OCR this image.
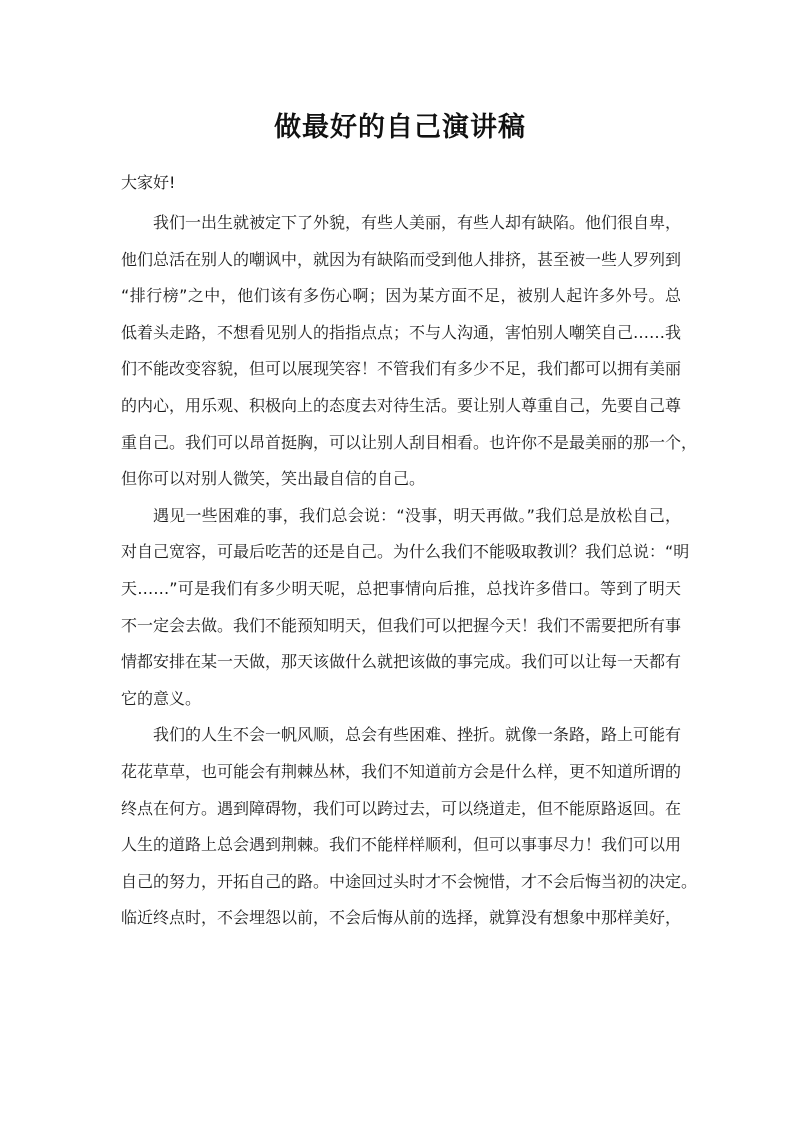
做最好的自己演讲稿
大家好!

我们一出生就被定下了外貌，有些人美丽，有些人却有缺陷。他们很自卑，
他们总活在别人的嘲讽中，就因为有缺陷而受到他人排挤，甚至被一些人罗列到
“排行榜”之中，他们该有多伤心啊；因为某方面不足，被别人起许多外号。总
低着头走路，不想看见别人的指指点点；不与人沟通，害怕别人嘲笑自己……我
们不能改变容貌，但可以展现笑容！不管我们有多少不足，我们都可以拥有美丽
的内心，用乐观、积极向上的态度去对待生活。要让别人尊重自己，先要自己尊
重自己。我们可以昂首挺胸，可以让别人刮目相看。也许你不是最美丽的那一个，
但你可以对别人微笑，笑出最自信的自己。

遇见一些困难的事，我们总会说：“没事，明天再做。”我们总是放松自己，
对自己宽容，可最后吃苦的还是自己。为什么我们不能吸取教训？我们总说：“明
天……”可是我们有多少明天呢，总把事情向后推，总找许多借口。等到了明天
不一定会去做。我们不能预知明天，但我们可以把握今天！我们不需要把所有事
情都安排在某一天做，那天该做什么就把该做的事完成。我们可以让每一天都有
它的意义。

我们的人生不会一帆风顺，总会有些困难、挫折。就像一条路，路上可能有
花花草草，也可能会有荆棘丛林，我们不知道前方会是什么样，更不知道所谓的
终点在何方。遇到障碍物，我们可以跨过去，可以绕道走，但不能原路返回。在
人生的道路上总会遇到荆棘。我们不能样样顺利，但可以事事尽力！我们可以用
自己的努力，开拓自己的路。中途回过头时才不会惋惜，才不会后悔当初的决定。
临近终点时，不会埋怨以前，不会后悔从前的选择，就算没有想象中那样美好，
